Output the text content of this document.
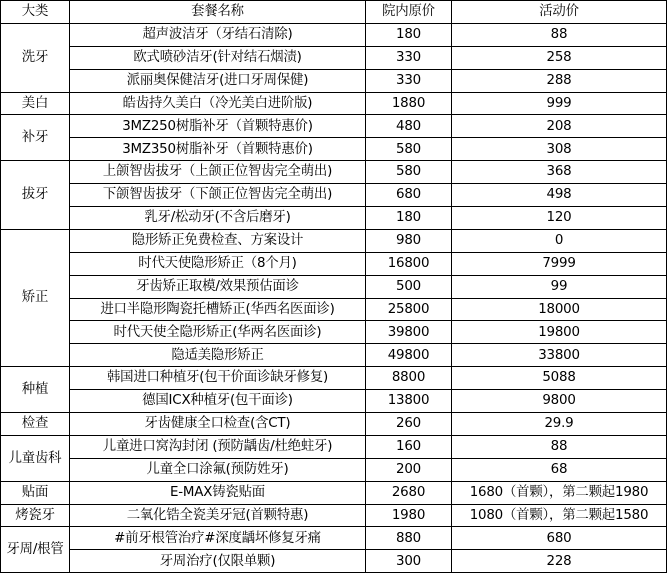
大类	套餐名称	院内原价	活动价
洗牙	超声波洁牙（牙结石清除)	180	88
	欧式喷砂洁牙(针对结石烟渍)	330	258
	派丽奥保健洁牙(进口牙周保健)	330	288
美白	皓齿持久美白（冷光美白进阶版)	1880	999
补牙	3MZ250树脂补牙（首颗特惠价)	480	208
	3MZ350树脂补牙（首颗特惠价)	580	308
拔牙	上颌智齿拔牙（上颌正位智齿完全萌出)	580	368
	下颌智齿拔牙（下颌正位智齿完全萌出)	680	498
	乳牙/松动牙(不含后磨牙)	180	120
矫正	隐形矫正免费检查、方案设计	980	0
	时代天使隐形矫正（8个月)	16800	7999
	牙齿矫正取模/效果预估面诊	500	99
	进口半隐形陶瓷托槽矫正(华西名医面诊)	25800	18000
	时代天使全隐形矫正(华两名医面诊)	39800	19800
	隐适美隐形矫正	49800	33800
种植	韩国进口种植牙(包干价面诊缺牙修复)	8800	5088
	德国ICX种植牙(包干面诊)	13800	9800
检查	牙齿健康全口检查(含CT)	260	29.9
儿童齿科	儿童进口窝沟封闭 (预防龋齿/杜绝蛀牙)	160	88
	儿童全口涂氟(预防姓牙)	200	68
贴面	E-MAX铸瓷贴面	2680	1680（首颗），第二颗起1980
烤瓷牙	二氧化锆全瓷美牙冠(首颗特惠)	1980	1080（首颗），第二颗起1580
牙周/根管	#前牙根管治疗#深度龋坏修复牙痛	880	680
	牙周治疗(仅限单颗)	300	228
